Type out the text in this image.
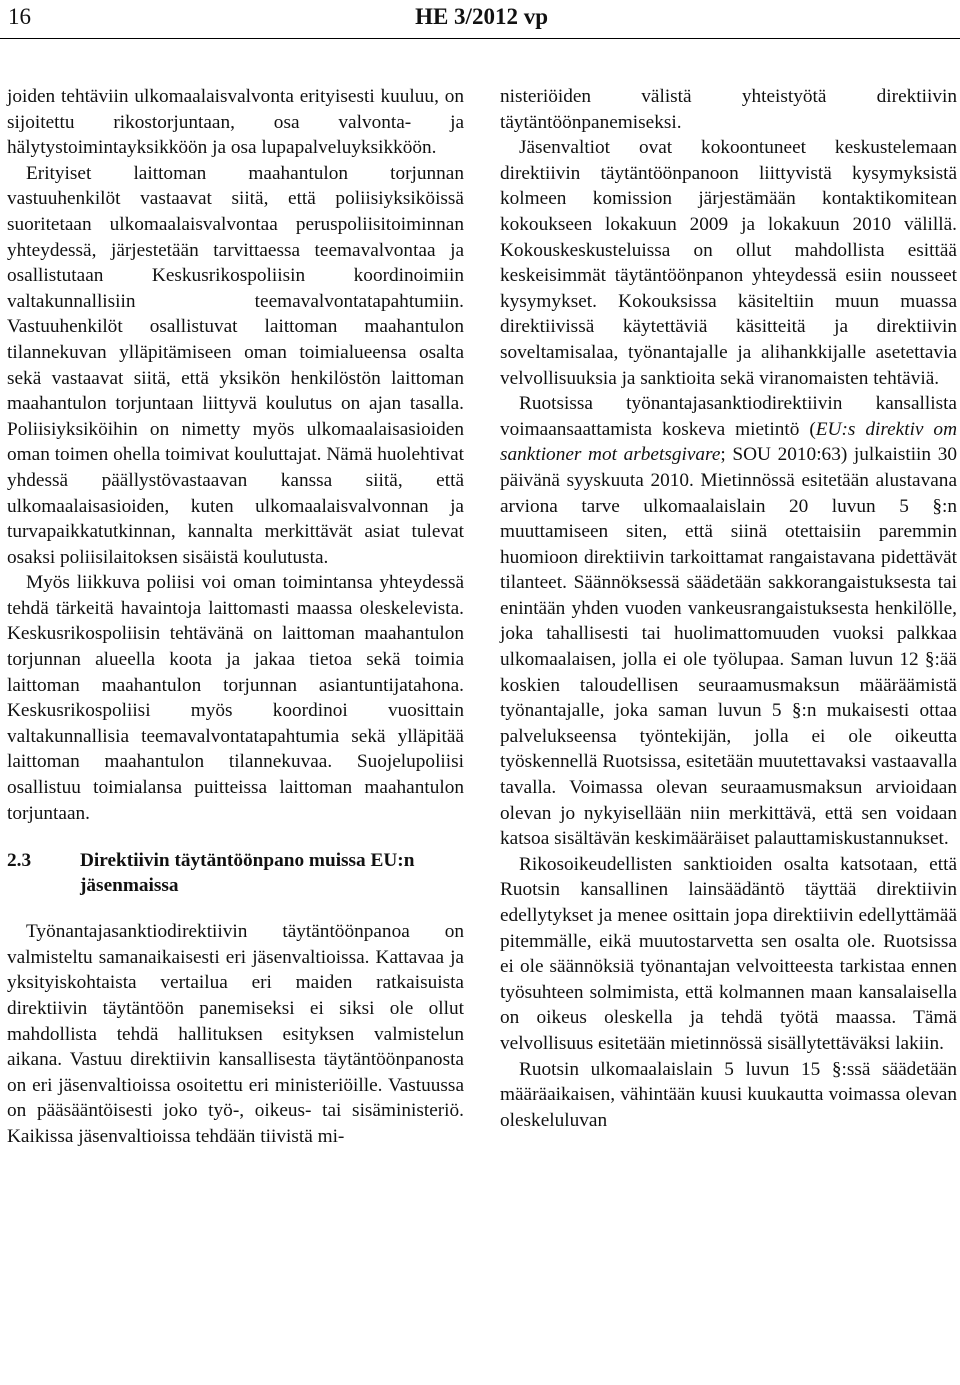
16	HE 3/2012 vp

joiden tehtäviin ulkomaalaisvalvonta erityisesti kuuluu, on sijoitettu rikostorjuntaan, osa valvonta- ja hälytystoimintayksikköön ja osa lupapalveluyksikköön.

Erityiset laittoman maahantulon torjunnan vastuuhenkilöt vastaavat siitä, että poliisiyksiköissä suoritetaan ulkomaalaisvalvontaa peruspoliisitoiminnan yhteydessä, järjestetään tarvittaessa teemavalvontaa ja osallistutaan Keskusrikospoliisin koordinoimiin valtakunnallisiin teemavalvontatapahtumiin. Vastuuhenkilöt osallistuvat laittoman maahantulon tilannekuvan ylläpitämiseen oman toimialueensa osalta sekä vastaavat siitä, että yksikön henkilöstön laittoman maahantulon torjuntaan liittyvä koulutus on ajan tasalla. Poliisiyksiköihin on nimetty myös ulkomaalaisasioiden oman toimen ohella toimivat kouluttajat. Nämä huolehtivat yhdessä päällystövastaavan kanssa siitä, että ulkomaalaisasioiden, kuten ulkomaalaisvalvonnan ja turvapaikkatutkinnan, kannalta merkittävät asiat tulevat osaksi poliisilaitoksen sisäistä koulutusta.

Myös liikkuva poliisi voi oman toimintansa yhteydessä tehdä tärkeitä havaintoja laittomasti maassa oleskelevista. Keskusrikospoliisin tehtävänä on laittoman maahantulon torjunnan alueella koota ja jakaa tietoa sekä toimia laittoman maahantulon torjunnan asiantuntijatahona. Keskusrikospoliisi myös koordinoi vuosittain valtakunnallisia teemavalvontatapahtumia sekä ylläpitää laittoman maahantulon tilannekuvaa. Suojelupoliisi osallistuu toimialansa puitteissa laittoman maahantulon torjuntaan.

2.3	Direktiivin täytäntöönpano muissa EU:n jäsenmaissa

Työnantajasanktiodirektiivin täytäntöönpanoa on valmisteltu samanaikaisesti eri jäsenvaltioissa. Kattavaa ja yksityiskohtaista vertailua eri maiden ratkaisuista direktiivin täytäntöön panemiseksi ei siksi ole ollut mahdollista tehdä hallituksen esityksen valmistelun aikana. Vastuu direktiivin kansallisesta täytäntöönpanosta on eri jäsenvaltioissa osoitettu eri ministeriöille. Vastuussa on pääsääntöisesti joko työ-, oikeus- tai sisäministeriö. Kaikissa jäsenvaltioissa tehdään tiivistä mi-

nisteriöiden välistä yhteistyötä direktiivin täytäntöönpanemiseksi.

Jäsenvaltiot ovat kokoontuneet keskustelemaan direktiivin täytäntöönpanoon liittyvistä kysymyksistä kolmeen komission järjestämään kontaktikomitean kokoukseen lokakuun 2009 ja lokakuun 2010 välillä. Kokouskeskusteluissa on ollut mahdollista esittää keskeisimmät täytäntöönpanon yhteydessä esiin nousseet kysymykset. Kokouksissa käsiteltiin muun muassa direktiivissä käytettäviä käsitteitä ja direktiivin soveltamisalaa, työnantajalle ja alihankkijalle asetettavia velvollisuuksia ja sanktioita sekä viranomaisten tehtäviä.

Ruotsissa työnantajasanktiodirektiivin kansallista voimaansaattamista koskeva mietintö (EU:s direktiv om sanktioner mot arbetsgivare; SOU 2010:63) julkaistiin 30 päivänä syyskuuta 2010. Mietinnössä esitetään alustavana arviona tarve ulkomaalaislain 20 luvun 5 §:n muuttamiseen siten, että siinä otettaisiin paremmin huomioon direktiivin tarkoittamat rangaistavana pidettävät tilanteet. Säännöksessä säädetään sakkorangaistuksesta tai enintään yhden vuoden vankeusrangaistuksesta henkilölle, joka tahallisesti tai huolimattomuuden vuoksi palkkaa ulkomaalaisen, jolla ei ole työlupaa. Saman luvun 12 §:ää koskien taloudellisen seuraamusmaksun määräämistä työnantajalle, joka saman luvun 5 §:n mukaisesti ottaa palvelukseensa työntekijän, jolla ei ole oikeutta työskennellä Ruotsissa, esitetään muutettavaksi vastaavalla tavalla. Voimassa olevan seuraamusmaksun arvioidaan olevan jo nykyisellään niin merkittävä, että sen voidaan katsoa sisältävän keskimääräiset palauttamiskustannukset.

Rikosoikeudellisten sanktioiden osalta katsotaan, että Ruotsin kansallinen lainsäädäntö täyttää direktiivin edellytykset ja menee osittain jopa direktiivin edellyttämää pitemmälle, eikä muutostarvetta sen osalta ole. Ruotsissa ei ole säännöksiä työnantajan velvoitteesta tarkistaa ennen työsuhteen solmimista, että kolmannen maan kansalaisella on oikeus oleskella ja tehdä työtä maassa. Tämä velvollisuus esitetään mietinnössä sisällytettäväksi lakiin.

Ruotsin ulkomaalaislain 5 luvun 15 §:ssä säädetään määräaikaisen, vähintään kuusi kuukautta voimassa olevan oleskeluluvan
